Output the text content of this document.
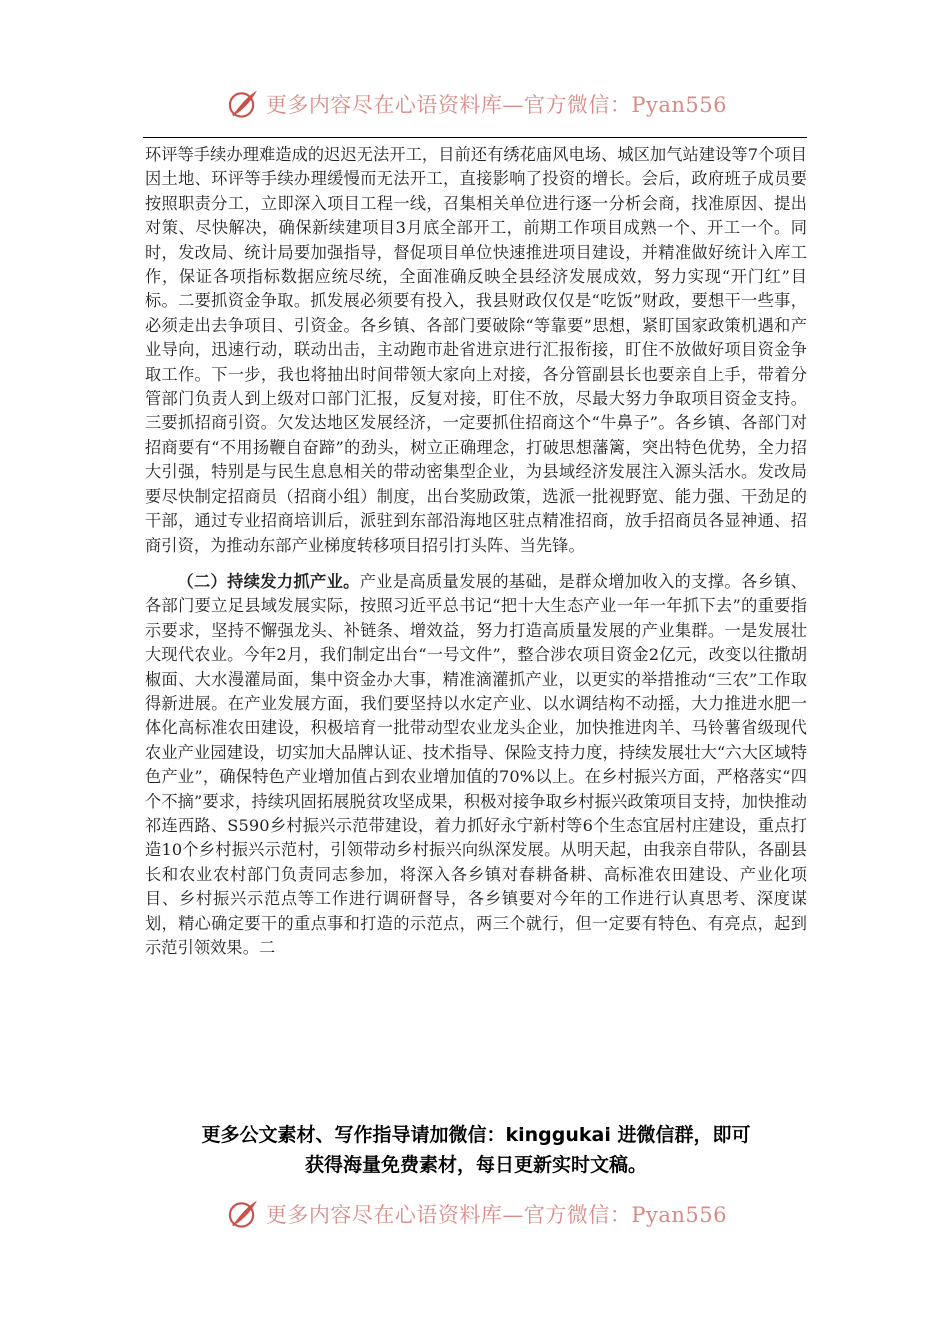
更多内容尽在心语资料库—官方微信：Pyan556

环评等手续办理难造成的迟迟无法开工，目前还有绣花庙风电场、城区加气站建设等7个项目因土地、环评等手续办理缓慢而无法开工，直接影响了投资的增长。会后，政府班子成员要按照职责分工，立即深入项目工程一线，召集相关单位进行逐一分析会商，找准原因、提出对策、尽快解决，确保新续建项目3月底全部开工，前期工作项目成熟一个、开工一个。同时，发改局、统计局要加强指导，督促项目单位快速推进项目建设，并精准做好统计入库工作，保证各项指标数据应统尽统，全面准确反映全县经济发展成效，努力实现“开门红”目标。二要抓资金争取。抓发展必须要有投入，我县财政仅仅是“吃饭”财政，要想干一些事，必须走出去争项目、引资金。各乡镇、各部门要破除“等靠要”思想，紧盯国家政策机遇和产业导向，迅速行动，联动出击，主动跑市赴省进京进行汇报衔接，盯住不放做好项目资金争取工作。下一步，我也将抽出时间带领大家向上对接，各分管副县长也要亲自上手，带着分管部门负责人到上级对口部门汇报，反复对接，盯住不放，尽最大努力争取项目资金支持。三要抓招商引资。欠发达地区发展经济，一定要抓住招商这个“牛鼻子”。各乡镇、各部门对招商要有“不用扬鞭自奋蹄”的劲头，树立正确理念，打破思想藩篱，突出特色优势，全力招大引强，特别是与民生息息相关的带动密集型企业，为县域经济发展注入源头活水。发改局要尽快制定招商员（招商小组）制度，出台奖励政策，选派一批视野宽、能力强、干劲足的干部，通过专业招商培训后，派驻到东部沿海地区驻点精准招商，放手招商员各显神通、招商引资，为推动东部产业梯度转移项目招引打头阵、当先锋。

（二）持续发力抓产业。产业是高质量发展的基础，是群众增加收入的支撑。各乡镇、各部门要立足县域发展实际，按照习近平总书记“把十大生态产业一年一年抓下去”的重要指示要求，坚持不懈强龙头、补链条、增效益，努力打造高质量发展的产业集群。一是发展壮大现代农业。今年2月，我们制定出台“一号文件”，整合涉农项目资金2亿元，改变以往撒胡椒面、大水漫灌局面，集中资金办大事，精准滴灌抓产业，以更实的举措推动“三农”工作取得新进展。在产业发展方面，我们要坚持以水定产业、以水调结构不动摇，大力推进水肥一体化高标准农田建设，积极培育一批带动型农业龙头企业，加快推进肉羊、马铃薯省级现代农业产业园建设，切实加大品牌认证、技术指导、保险支持力度，持续发展壮大“六大区域特色产业”，确保特色产业增加值占到农业增加值的70%以上。在乡村振兴方面，严格落实“四个不摘”要求，持续巩固拓展脱贫攻坚成果，积极对接争取乡村振兴政策项目支持，加快推动祁连西路、S590乡村振兴示范带建设，着力抓好永宁新村等6个生态宜居村庄建设，重点打造10个乡村振兴示范村，引领带动乡村振兴向纵深发展。从明天起，由我亲自带队，各副县长和农业农村部门负责同志参加，将深入各乡镇对春耕备耕、高标准农田建设、产业化项目、乡村振兴示范点等工作进行调研督导，各乡镇要对今年的工作进行认真思考、深度谋划，精心确定要干的重点事和打造的示范点，两三个就行，但一定要有特色、有亮点，起到示范引领效果。二

更多公文素材、写作指导请加微信：kinggukai 进微信群，即可
获得海量免费素材，每日更新实时文稿。
更多内容尽在心语资料库—官方微信：Pyan556
